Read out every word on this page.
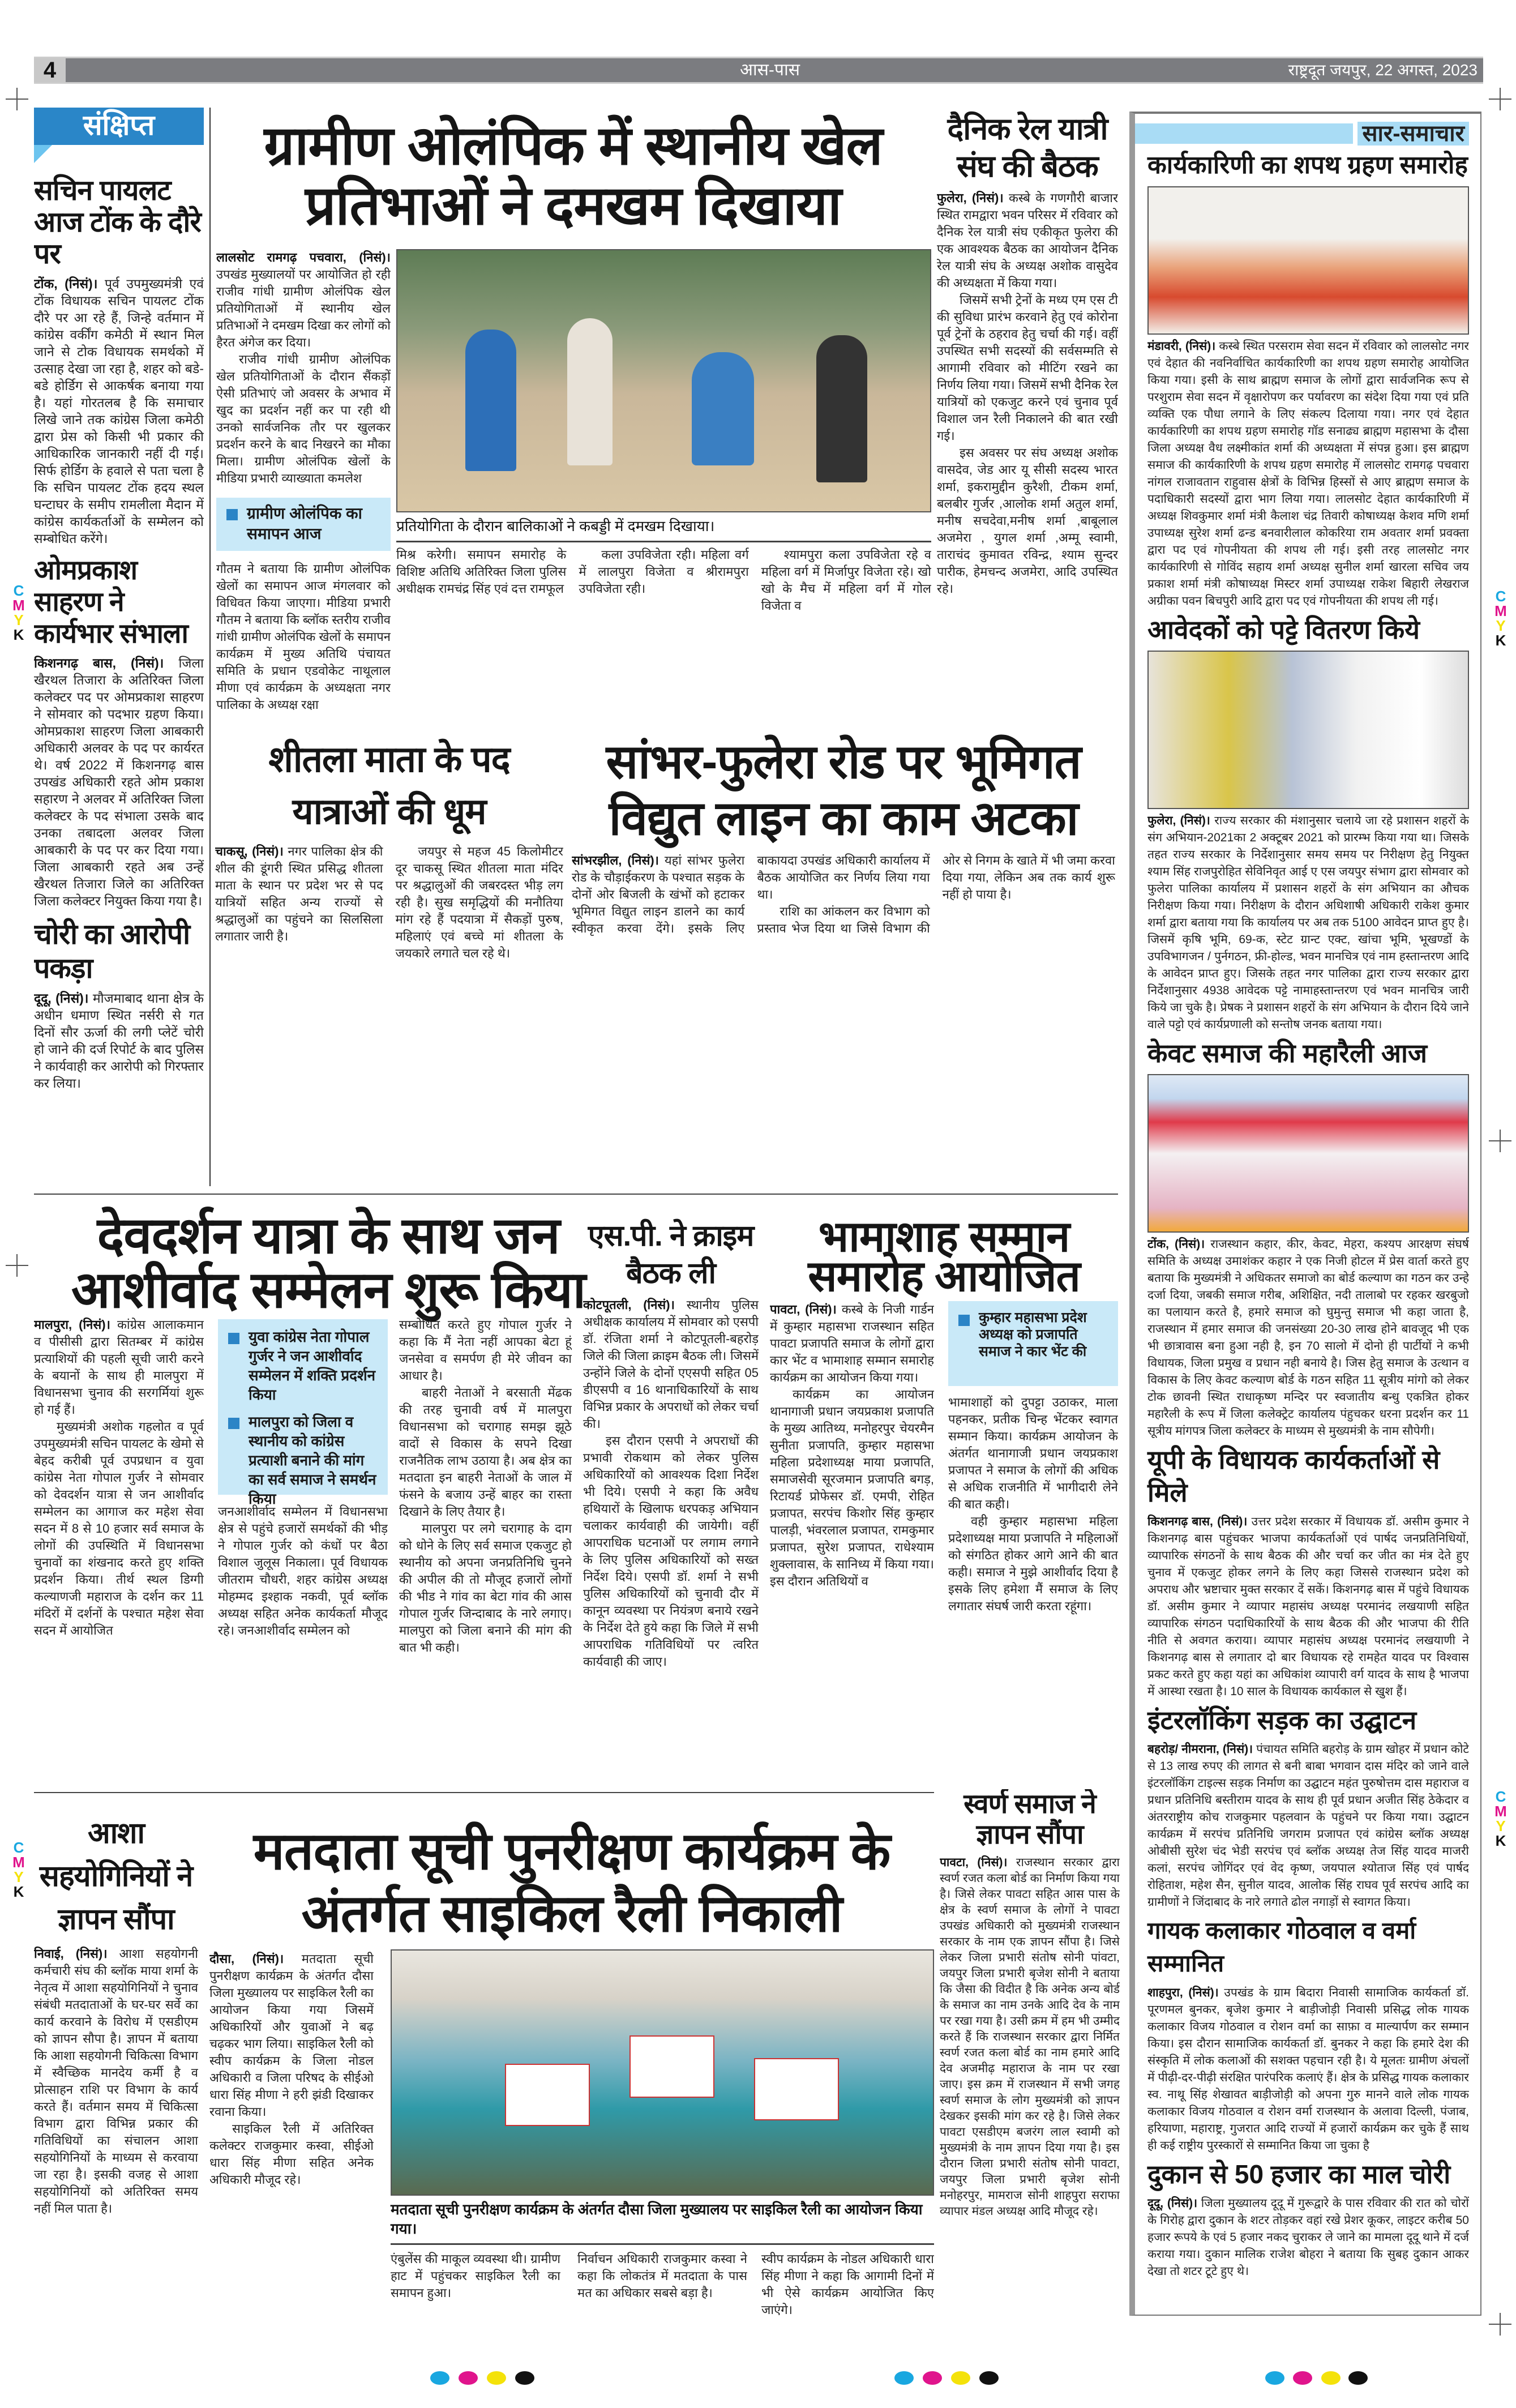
4	आस-पास	राष्ट्रदूत जयपुर, 22 अगस्त, 2023
संक्षिप्त
सचिन पायलट आज टोंक के दौरे पर

टोंक, (निसं)। पूर्व उपमुख्यमंत्री एवं टोंक विधायक सचिन पायलट टोंक दौरे पर आ रहे हैं, जिन्हे वर्तमान में कांग्रेस वर्कींग कमेठी में स्थान मिल जाने से टोक विधायक समर्थको में उत्साह देखा जा रहा है, शहर को बडे-बडे होर्डिग से आकर्षक बनाया गया है। यहां गोरतलब है कि समाचार लिखे जाने तक कांग्रेस जिला कमेठी द्वारा प्रेस को किसी भी प्रकार की आधिकारिक जानकारी नहीं दी गई। सिर्फ होर्डिग के हवाले से पता चला है कि सचिन पायलट टोंक हदय स्थल घन्टाघर के समीप रामलीला मैदान में कांग्रेस कार्यकर्ताओं के सम्मेलन को सम्बोधित करेंगे।

ओमप्रकाश साहरण ने कार्यभार संभाला

किशनगढ़ बास, (निसं)। जिला खैरथल तिजारा के अतिरिक्त जिला कलेक्टर पद पर ओमप्रकाश साहरण ने सोमवार को पदभार ग्रहण किया। ओमप्रकाश साहरण जिला आबकारी अधिकारी अलवर के पद पर कार्यरत थे। वर्ष 2022 में किशनगढ़ बास उपखंड अधिकारी रहते ओम प्रकाश सहारण ने अलवर में अतिरिक्त जिला कलेक्टर के पद संभाला उसके बाद उनका तबादला अलवर जिला आबकारी के पद पर कर दिया गया। जिला आबकारी रहते अब उन्हें खैरथल तिजारा जिले का अतिरिक्त जिला कलेक्टर नियुक्त किया गया है।

चोरी का आरोपी पकड़ा

दूदू, (निसं)। मौजमाबाद थाना क्षेत्र के अधीन धमाण स्थित नर्सरी से गत दिनों सौर ऊर्जा की लगी प्लेटें चोरी हो जाने की दर्ज रिपोर्ट के बाद पुलिस ने कार्यवाही कर आरोपी को गिरफ्तार कर लिया।

ग्रामीण ओलंपिक में स्थानीय खेल प्रतिभाओं ने दमखम दिखाया

लालसोट रामगढ़ पचवारा, (निसं)। उपखंड मुख्यालयों पर आयोजित हो रही राजीव गांधी ग्रामीण ओलंपिक खेल प्रतियोगिताओं में स्थानीय खेल प्रतिभाओं ने दमखम दिखा कर लोगों को हैरत अंगेज कर दिया।

राजीव गांधी ग्रामीण ओलंपिक खेल प्रतियोगिताओं के दौरान सैंकड़ों ऐसी प्रतिभाएं जो अवसर के अभाव में खुद का प्रदर्शन नहीं कर पा रही थी उनको सार्वजनिक तौर पर खुलकर प्रदर्शन करने के बाद निखरने का मौका मिला। ग्रामीण ओलंपिक खेलों के मीडिया प्रभारी व्याख्याता कमलेश

ग्रामीण ओलंपिक का समापन आज

गौतम ने बताया कि ग्रामीण ओलंपिक खेलों का समापन आज मंगलवार को विधिवत किया जाएगा। मीडिया प्रभारी गौतम ने बताया कि ब्लॉक स्तरीय राजीव गांधी ग्रामीण ओलंपिक खेलों के समापन कार्यक्रम में मुख्य अतिथि पंचायत समिति के प्रधान एडवोकेट नाथूलाल मीणा एवं कार्यक्रम के अध्यक्षता नगर पालिका के अध्यक्ष रक्षा

प्रतियोगिता के दौरान बालिकाओं ने कबड्डी में दमखम दिखाया।

मिश्र करेगी। समापन समारोह के विशिष्ट अतिथि अतिरिक्त जिला पुलिस अधीक्षक रामचंद्र सिंह एवं दत्त रामफूल

कला उपविजेता रही। महिला वर्ग में लालपुरा विजेता व श्रीरामपुरा उपविजेता रही।

श्यामपुरा कला उपविजेता रहे व महिला वर्ग में मिर्जापुर विजेता रहे। खो खो के मैच में महिला वर्ग में गोल विजेता व

दैनिक रेल यात्री संघ की बैठक

फुलेरा, (निसं)। कस्बे के गणगौरी बाजार स्थित रामद्वारा भवन परिसर में रविवार को दैनिक रेल यात्री संघ एकीकृत फुलेरा की एक आवश्यक बैठक का आयोजन दैनिक रेल यात्री संघ के अध्यक्ष अशोक वासुदेव की अध्यक्षता में किया गया।

जिसमें सभी ट्रेनों के मध्य एम एस टी की सुविधा प्रारंभ करवाने हेतु एवं कोरोना पूर्व ट्रेनों के ठहराव हेतु चर्चा की गई। वहीं उपस्थित सभी सदस्यों की सर्वसम्मति से आगामी रविवार को मीटिंग रखने का निर्णय लिया गया। जिसमें सभी दैनिक रेल यात्रियों को एकजुट करने एवं चुनाव पूर्व विशाल जन रैली निकालने की बात रखी गई।

इस अवसर पर संघ अध्यक्ष अशोक वासदेव, जेड आर यू सीसी सदस्य भारत शर्मा, इकरामुद्दीन कुरैशी, टीकम शर्मा, बलबीर गुर्जर ,आलोक शर्मा अतुल शर्मा, मनीष सचदेवा,मनीष शर्मा ,बाबूलाल अजमेरा , युगल शर्मा ,अम्मू स्वामी, ताराचंद कुमावत रविन्द्र, श्याम सुन्दर पारीक, हेमचन्द अजमेरा, आदि उपस्थित रहे।

सार-समाचार
कार्यकारिणी का शपथ ग्रहण समारोह

मंडावरी, (निसं)। कस्बे स्थित परसराम सेवा सदन में रविवार को लालसोट नगर एवं देहात की नवनिर्वाचित कार्यकारिणी का शपथ ग्रहण समारोह आयोजित किया गया। इसी के साथ ब्राह्मण समाज के लोगों द्वारा सार्वजनिक रूप से परशुराम सेवा सदन में वृक्षारोपण कर पर्यावरण का संदेश दिया गया एवं प्रति व्यक्ति एक पौधा लगाने के लिए संकल्प दिलाया गया। नगर एवं देहात कार्यकारिणी का शपथ ग्रहण समारोह गॉड सनाढ्य ब्राह्मण महासभा के दौसा जिला अध्यक्ष वैध लक्ष्मीकांत शर्मा की अध्यक्षता में संपन्न हुआ। इस ब्राह्मण समाज की कार्यकारिणी के शपथ ग्रहण समारोह में लालसोट रामगढ़ पचवारा नांगल राजावतान राहुवास क्षेत्रों के विभिन्न हिस्सों से आए ब्राह्मण समाज के पदाधिकारी सदस्यों द्वारा भाग लिया गया। लालसोट देहात कार्यकारिणी में अध्यक्ष शिवकुमार शर्मा मंत्री कैलाश चंद्र तिवारी कोषाध्यक्ष केशव मणि शर्मा उपाध्यक्ष सुरेश शर्मा ढन्ड बनवारीलाल कोकरिया राम अवतार शर्मा प्रवक्ता द्वारा पद एवं गोपनीयता की शपथ ली गई। इसी तरह लालसोट नगर कार्यकारिणी से गोविंद सहाय शर्मा अध्यक्ष सुनील शर्मा खारला सचिव जय प्रकाश शर्मा मंत्री कोषाध्यक्ष मिस्टर शर्मा उपाध्यक्ष राकेश बिहारी लेखराज अग्रीका पवन बिचपुरी आदि द्वारा पद एवं गोपनीयता की शपथ ली गई।

आवेदकों को पट्टे वितरण किये

फुलेरा, (निसं)। राज्य सरकार की मंशानुसार चलाये जा रहे प्रशासन शहरों के संग अभियान-2021का 2 अक्टूबर 2021 को प्रारम्भ किया गया था। जिसके तहत राज्य सरकार के निर्देशानुसार समय समय पर निरीक्षण हेतु नियुक्त श्याम सिंह राजपुरोहित सेविनिवृत आई ए एस जयपुर संभाग द्वारा सोमवार को फुलेरा पालिका कार्यालय में प्रशासन शहरों के संग अभियान का औचक निरीक्षण किया गया। निरीक्षण के दौरान अधिशाषी अधिकारी राकेश कुमार शर्मा द्वारा बताया गया कि कार्यालय पर अब तक 5100 आवेदन प्राप्त हुए है। जिसमें कृषि भूमि, 69-क, स्टेट ग्रान्ट एक्ट, खांचा भूमि, भूखण्डों के उपविभागजन / पुर्नगठन, फ्री-होल्ड, भवन मानचित्र एवं नाम हस्तान्तरण आदि के आवेदन प्राप्त हुए। जिसके तहत नगर पालिका द्वारा राज्य सरकार द्वारा निर्देशानुसार 4938 आवेदक पट्टे नामाहस्तान्तरण एवं भवन मानचित्र जारी किये जा चुके है। प्रेषक ने प्रशासन शहरों के संग अभियान के दौरान दिये जाने वाले पट्टो एवं कार्यप्रणाली को सन्तोष जनक बताया गया।

केवट समाज की महारैली आज

टोंक, (निसं)। राजस्थान कहार, कीर, केवट, मेहरा, कश्यप आरक्षण संघर्ष समिति के अध्यक्ष उमाशंकर कहार ने एक निजी होटल में प्रेस वार्ता करते हुए बताया कि मुख्यमंत्री ने अधिकतर समाजो का बोर्ड कल्याण का गठन कर उन्हे दर्जा दिया, जबकी समाज गरीब, अशिक्षित, नदी तालाबो पर रहकर खरबुजो का पलायान करते है, हमारे समाज को घुमुन्तु समाज भी कहा जाता है, राजस्थान में हमार समाज की जनसंख्या 20-30 लाख होने बावजूद भी एक भी छात्रावास बना हुआ नही है, इन 70 सालो में दोनो ही पार्टीयों ने कभी विधायक, जिला प्रमुख व प्रधान नही बनाये है। जिस हेतु समाज के उत्थान व विकास के लिए केवट कल्याण बोर्ड के गठन सहित 11 सूत्रीय मांगो को लेकर टोक छावनी स्थित राधाकृष्ण मन्दिर पर स्वजातीय बन्धु एकत्रित होकर महारैली के रूप में जिला कलेक्ट्रेट कार्यालय पंहुचकर धरना प्रदर्शन कर 11 सूत्रीय मांगपत्र जिला कलेक्टर के माध्यम से मुख्यमंत्री के नाम सौपेगी।

यूपी के विधायक कार्यकर्ताओं से मिले

किशनगढ़ बास, (निसं)। उत्तर प्रदेश सरकार में विधायक डॉ. असीम कुमार ने किशनगढ़ बास पहुंचकर भाजपा कार्यकर्ताओं एवं पार्षद जनप्रतिनिधियों, व्यापारिक संगठनों के साथ बैठक की और चर्चा कर जीत का मंत्र देते हुए चुनाव में एकजुट होकर लगने के लिए कहा जिससे राजस्थान प्रदेश को अपराध और भ्रष्टाचार मुक्त सरकार दें सकें। किशनगढ़ बास में पहुंचे विधायक डॉ. असीम कुमार ने व्यापार महासंघ अध्यक्ष परमानंद लखयाणी सहित व्यापारिक संगठन पदाधिकारियों के साथ बैठक की और भाजपा की रीति नीति से अवगत कराया। व्यापार महासंघ अध्यक्ष परमानंद लखयाणी ने किशनगढ़ बास से लगातार दो बार विधायक रहे रामहेत यादव पर विश्वास प्रकट करते हुए कहा यहां का अधिकांश व्यापारी वर्ग यादव के साथ है भाजपा में आस्था रखता है। 10 साल के विधायक कार्यकाल से खुश हैं।

इंटरलॉकिंग सड़क का उद्घाटन

बहरोड़/ नीमराना, (निसं)। पंचायत समिति बहरोड़ के ग्राम खोहर में प्रधान कोटे से 13 लाख रुपए की लागत से बनी बाबा भगवान दास मंदिर को जाने वाले इंटरलॉकिंग टाइल्स सड़क निर्माण का उद्घाटन महंत पुरुषोत्तम दास महाराज व प्रधान प्रतिनिधि बस्तीराम यादव के साथ ही पूर्व प्रधान अजीत सिंह ठेकेदार व अंतरराष्ट्रीय कोच राजकुमार पहलवान के पहुंचने पर किया गया। उद्घाटन कार्यक्रम में सरपंच प्रतिनिधि जगराम प्रजापत एवं कांग्रेस ब्लॉक अध्यक्ष ओबीसी सुरेश चंद भेडी सरपंच एवं ब्लॉक अध्यक्ष तेज सिंह यादव माजरी कलां, सरपंच जोगिंदर एवं वेद कृष्ण, जयपाल श्योताज सिंह एवं पार्षद रोहिताश, महेश सैन, सुनील यादव, आलोक सिंह राघव पूर्व सरपंच आदि का ग्रामीणों ने जिंदाबाद के नारे लगाते ढोल नगाड़ों से स्वागत किया।

गायक कलाकार गोठवाल व वर्मा सम्मानित

शाहपुरा, (निसं)। उपखंड के ग्राम बिदारा निवासी सामाजिक कार्यकर्ता डॉ. पूरणमल बुनकर, बृजेश कुमार ने बाड़ीजोड़ी निवासी प्रसिद्ध लोक गायक कलाकार विजय गोठवाल व रोशन वर्मा का साफ़ा व माल्यार्पण कर सम्मान किया। इस दौरान सामाजिक कार्यकर्ता डॉ. बुनकर ने कहा कि हमारे देश की संस्कृति में लोक कलाओं की सशक्त पहचान रही है। ये मूलतः ग्रामीण अंचलों में पीढ़ी-दर-पीढ़ी संरक्षित पारंपरिक कलाएं हैं। क्षेत्र के प्रसिद्ध गायक कलाकार स्व. नाथू सिंह शेखावत बाड़ीजोड़ी को अपना गुरु मानने वाले लोक गायक कलाकार विजय गोठवाल व रोशन वर्मा राजस्थान के अलावा दिल्ली, पंजाब, हरियाणा, महाराष्ट्र, गुजरात आदि राज्यों में हजारों कार्यक्रम कर चुके हैं साथ ही कई राष्ट्रीय पुरस्कारों से सम्मानित किया जा चुका है

दुकान से 50 हजार का माल चोरी

दूदू, (निसं)। जिला मुख्यालय दूदू में गुरूद्वारे के पास रविवार की रात को चोरों के गिरोह द्वारा दुकान के शटर तोड़कर वहां रखे प्रेशर कूकर, लाइटर करीब 50 हजार रूपये के एवं 5 हजार नकद चुराकर ले जाने का मामला दूदू थाने में दर्ज कराया गया। दुकान मालिक राजेश बोहरा ने बताया कि सुबह दुकान आकर देखा तो शटर टूटे हुए थे।

शीतला माता के पद यात्राओं की धूम

चाकसू, (निसं)। नगर पालिका क्षेत्र की शील की डूंगरी स्थित प्रसिद्ध शीतला माता के स्थान पर प्रदेश भर से पद यात्रियों सहित अन्य राज्यों से श्रद्धालुओं का पहुंचने का सिलसिला लगातार जारी है।

जयपुर से महज 45 किलोमीटर दूर चाकसू स्थित शीतला माता मंदिर पर श्रद्धालुओं की जबरदस्त भीड़ लग रही है। सुख समृद्धियों की मनौतिया मांग रहे हैं पदयात्रा में सैकड़ों पुरुष, महिलाएं एवं बच्चे मां शीतला के जयकारे लगाते चल रहे थे।

सांभर-फुलेरा रोड पर भूमिगत विद्युत लाइन का काम अटका

सांभरझील, (निसं)। यहां सांभर फुलेरा रोड के चौड़ाईकरण के पश्चात सड़क के दोनों ओर बिजली के खंभों को हटाकर भूमिगत विद्युत लाइन डालने का कार्य स्वीकृत करवा देंगे। इसके लिए बाकायदा उपखंड अधिकारी कार्यालय में बैठक आयोजित कर निर्णय लिया गया था।

राशि का आंकलन कर विभाग को प्रस्ताव भेज दिया था जिसे विभाग की ओर से निगम के खाते में भी जमा करवा दिया गया, लेकिन अब तक कार्य शुरू नहीं हो पाया है।

देवदर्शन यात्रा के साथ जन आशीर्वाद सम्मेलन शुरू किया

मालपुरा, (निसं)। कांग्रेस आलाकमान व पीसीसी द्वारा सितम्बर में कांग्रेस प्रत्याशियों की पहली सूची जारी करने के बयानों के साथ ही मालपुरा में विधानसभा चुनाव की सरगर्मियां शुरू हो गई हैं।

मुख्यमंत्री अशोक गहलोत व पूर्व उपमुख्यमंत्री सचिन पायलट के खेमो से बेहद करीबी पूर्व उपप्रधान व युवा कांग्रेस नेता गोपाल गुर्जर ने सोमवार को देवदर्शन यात्रा से जन आशीर्वाद सम्मेलन का आगाज कर महेश सेवा सदन में 8 से 10 हजार सर्व समाज के लोगों की उपस्थिति में विधानसभा चुनावों का शंखनाद करते हुए शक्ति प्रदर्शन किया। तीर्थ स्थल डिग्गी कल्याणजी महाराज के दर्शन कर 11 मंदिरों में दर्शनों के पश्चात महेश सेवा सदन में आयोजित

युवा कांग्रेस नेता गोपाल गुर्जर ने जन आशीर्वाद सम्मेलन में शक्ति प्रदर्शन किया
मालपुरा को जिला व स्थानीय को कांग्रेस प्रत्याशी बनाने की मांग का सर्व समाज ने समर्थन किया

जनआशीर्वाद सम्मेलन में विधानसभा क्षेत्र से पहुंचे हजारों समर्थकों की भीड़ ने गोपाल गुर्जर को कंधों पर बैठा विशाल जुलूस निकाला। पूर्व विधायक जीतराम चौधरी, शहर कांग्रेस अध्यक्ष मोहम्मद इश्हाक नकवी, पूर्व ब्लॉक अध्यक्ष सहित अनेक कार्यकर्ता मौजूद रहे। जनआशीर्वाद सम्मेलन को

सम्बोधित करते हुए गोपाल गुर्जर ने कहा कि मैं नेता नहीं आपका बेटा हूं जनसेवा व समर्पण ही मेरे जीवन का आधार है।

बाहरी नेताओं ने बरसाती मेंढक की तरह चुनावी वर्ष में मालपुरा विधानसभा को चरागाह समझ झूठे वादों से विकास के सपने दिखा राजनैतिक लाभ उठाया है। अब क्षेत्र का मतदाता इन बाहरी नेताओं के जाल में फंसने के बजाय उन्हें बाहर का रास्ता दिखाने के लिए तैयार है।

मालपुरा पर लगे चरागाह के दाग को धोने के लिए सर्व समाज एकजुट हो स्थानीय को अपना जनप्रतिनिधि चुनने की अपील की तो मौजूद हजारों लोगों की भीड ने गांव का बेटा गांव की आस गोपाल गुर्जर जिन्दाबाद के नारे लगाए। मालपुरा को जिला बनाने की मांग की बात भी कही।

एस.पी. ने क्राइम बैठक ली

कोटपूतली, (निसं)। स्थानीय पुलिस अधीक्षक कार्यालय में सोमवार को एसपी डॉ. रंजिता शर्मा ने कोटपूतली-बहरोड़ जिले की जिला क्राइम बैठक ली। जिसमें उन्होंने जिले के दोनों एएसपी सहित 05 डीएसपी व 16 थानाधिकारियों के साथ विभिन्न प्रकार के अपराधों को लेकर चर्चा की।

इस दौरान एसपी ने अपराधों की प्रभावी रोकथाम को लेकर पुलिस अधिकारियों को आवश्यक दिशा निर्देश भी दिये। एसपी ने कहा कि अवैध हथियारों के खिलाफ धरपकड़ अभियान चलाकर कार्यवाही की जायेगी। वहीं आपराधिक घटनाओं पर लगाम लगाने के लिए पुलिस अधिकारियों को सख्त निर्देश दिये। एसपी डॉ. शर्मा ने सभी पुलिस अधिकारियों को चुनावी दौर में कानून व्यवस्था पर नियंत्रण बनाये रखने के निर्देश देते हुये कहा कि जिले में सभी आपराधिक गतिविधियों पर त्वरित कार्यवाही की जाए।

भामाशाह सम्मान समारोह आयोजित

पावटा, (निसं)। कस्बे के निजी गार्डन में कुम्हार महासभा राजस्थान सहित पावटा प्रजापति समाज के लोगों द्वारा कार भेंट व भामाशाह सम्मान समारोह कार्यक्रम का आयोजन किया गया।

कार्यक्रम का आयोजन थानागाजी प्रधान जयप्रकाश प्रजापति के मुख्य आतिथ्य, मनोहरपुर चेयरमैन सुनीता प्रजापति, कुम्हार महासभा महिला प्रदेशाध्यक्ष माया प्रजापति, समाजसेवी सूरजमान प्रजापति बगड़, रिटायर्ड प्रोफेसर डॉ. एमपी, रोहित प्रजापत, सरपंच किशोर सिंह कुम्हार पालड़ी, भंवरलाल प्रजापत, रामकुमार प्रजापत, सुरेश प्रजापत, राधेश्याम शुक्लावास, के सानिध्य में किया गया। इस दौरान अतिथियों व

कुम्हार महासभा प्रदेश अध्यक्ष को प्रजापति समाज ने कार भेंट की

भामाशाहों को दुपट्टा उठाकर, माला पहनकर, प्रतीक चिन्ह भेंटकर स्वागत सम्मान किया। कार्यक्रम आयोजन के अंतर्गत थानागाजी प्रधान जयप्रकाश प्रजापत ने समाज के लोगों की अधिक से अधिक राजनीति में भागीदारी लेने की बात कही।

वही कुम्हार महासभा महिला प्रदेशाध्यक्ष माया प्रजापति ने महिलाओं को संगठित होकर आगे आने की बात कही। समाज ने मुझे आशीर्वाद दिया है इसके लिए हमेशा मैं समाज के लिए लगातार संघर्ष जारी करता रहूंगा।

स्वर्ण समाज ने ज्ञापन सौंपा

पावटा, (निसं)। राजस्थान सरकार द्वारा स्वर्ण रजत कला बोर्ड का निर्माण किया गया है। जिसे लेकर पावटा सहित आस पास के क्षेत्र के स्वर्ण समाज के लोगों ने पावटा उपखंड अधिकारी को मुख्यमंत्री राजस्थान सरकार के नाम एक ज्ञापन सौंपा है। जिसे लेकर जिला प्रभारी संतोष सोनी पांवटा, जयपुर जिला प्रभारी बृजेश सोनी ने बताया कि जैसा की विदीत है कि अनेक अन्य बोर्ड के समाज का नाम उनके आदि देव के नाम पर रखा गया है। उसी क्रम में हम भी उम्मीद करते हैं कि राजस्थान सरकार द्वारा निर्मित स्वर्ण रजत कला बोर्ड का नाम हमारे आदि देव अजमीढ़ महाराज के नाम पर रखा जाए। इस क्रम में राजस्थान में सभी जगह स्वर्ण समाज के लोग मुख्यमंत्री को ज्ञापन देखकर इसकी मांग कर रहे है। जिसे लेकर पावटा एसडीएम बजरंग लाल स्वामी को मुख्यमंत्री के नाम ज्ञापन दिया गया है। इस दौरान जिला प्रभारी संतोष सोनी पावटा, जयपुर जिला प्रभारी बृजेश सोनी मनोहरपुर, मामराज सोनी शाहपुरा सराफा व्यापार मंडल अध्यक्ष आदि मौजूद रहे।

आशा सहयोगिनियों ने ज्ञापन सौंपा

निवाई, (निसं)। आशा सहयोगनी कर्मचारी संघ की ब्लॉक माया शर्मा के नेतृत्व में आशा सहयोगिनियों ने चुनाव संबंधी मतदाताओं के घर-घर सर्वे का कार्य करवाने के विरोध में एसडीएम को ज्ञापन सौपा है। ज्ञापन में बताया कि आशा सहयोगनी चिकित्सा विभाग में स्वैच्छिक मानदेय कर्मी है व प्रोत्साहन राशि पर विभाग के कार्य करते हैं। वर्तमान समय में चिकित्सा विभाग द्वारा विभिन्न प्रकार की गतिविधियों का संचालन आशा सहयोगिनियों के माध्यम से करवाया जा रहा है। इसकी वजह से आशा सहयोगिनियों को अतिरिक्त समय नहीं मिल पाता है।

मतदाता सूची पुनरीक्षण कार्यक्रम के अंतर्गत साइकिल रैली निकाली

दौसा, (निसं)। मतदाता सूची पुनरीक्षण कार्यक्रम के अंतर्गत दौसा जिला मुख्यालय पर साइकिल रैली का आयोजन किया गया जिसमें अधिकारियों और युवाओं ने बढ़ चढ़कर भाग लिया। साइकिल रैली को स्वीप कार्यक्रम के जिला नोडल अधिकारी व जिला परिषद के सीईओ धारा सिंह मीणा ने हरी झंडी दिखाकर रवाना किया।

साइकिल रैली में अतिरिक्त कलेक्टर राजकुमार कस्वा, सीईओ धारा सिंह मीणा सहित अनेक अधिकारी मौजूद रहे।

मतदाता सूची पुनरीक्षण कार्यक्रम के अंतर्गत दौसा जिला मुख्यालय पर साइकिल रैली का आयोजन किया गया।

एंबुलेंस की माकूल व्यवस्था थी। ग्रामीण हाट में पहुंचकर साइकिल रैली का समापन हुआ।

निर्वाचन अधिकारी राजकुमार कस्वा ने कहा कि लोकतंत्र में मतदाता के पास मत का अधिकार सबसे बड़ा है।

स्वीप कार्यक्रम के नोडल अधिकारी धारा सिंह मीणा ने कहा कि आगामी दिनों में भी ऐसे कार्यक्रम आयोजित किए जाएंगे।

C
M
Y
K
C
M
Y
K
C
M
Y
K
C
M
Y
K
